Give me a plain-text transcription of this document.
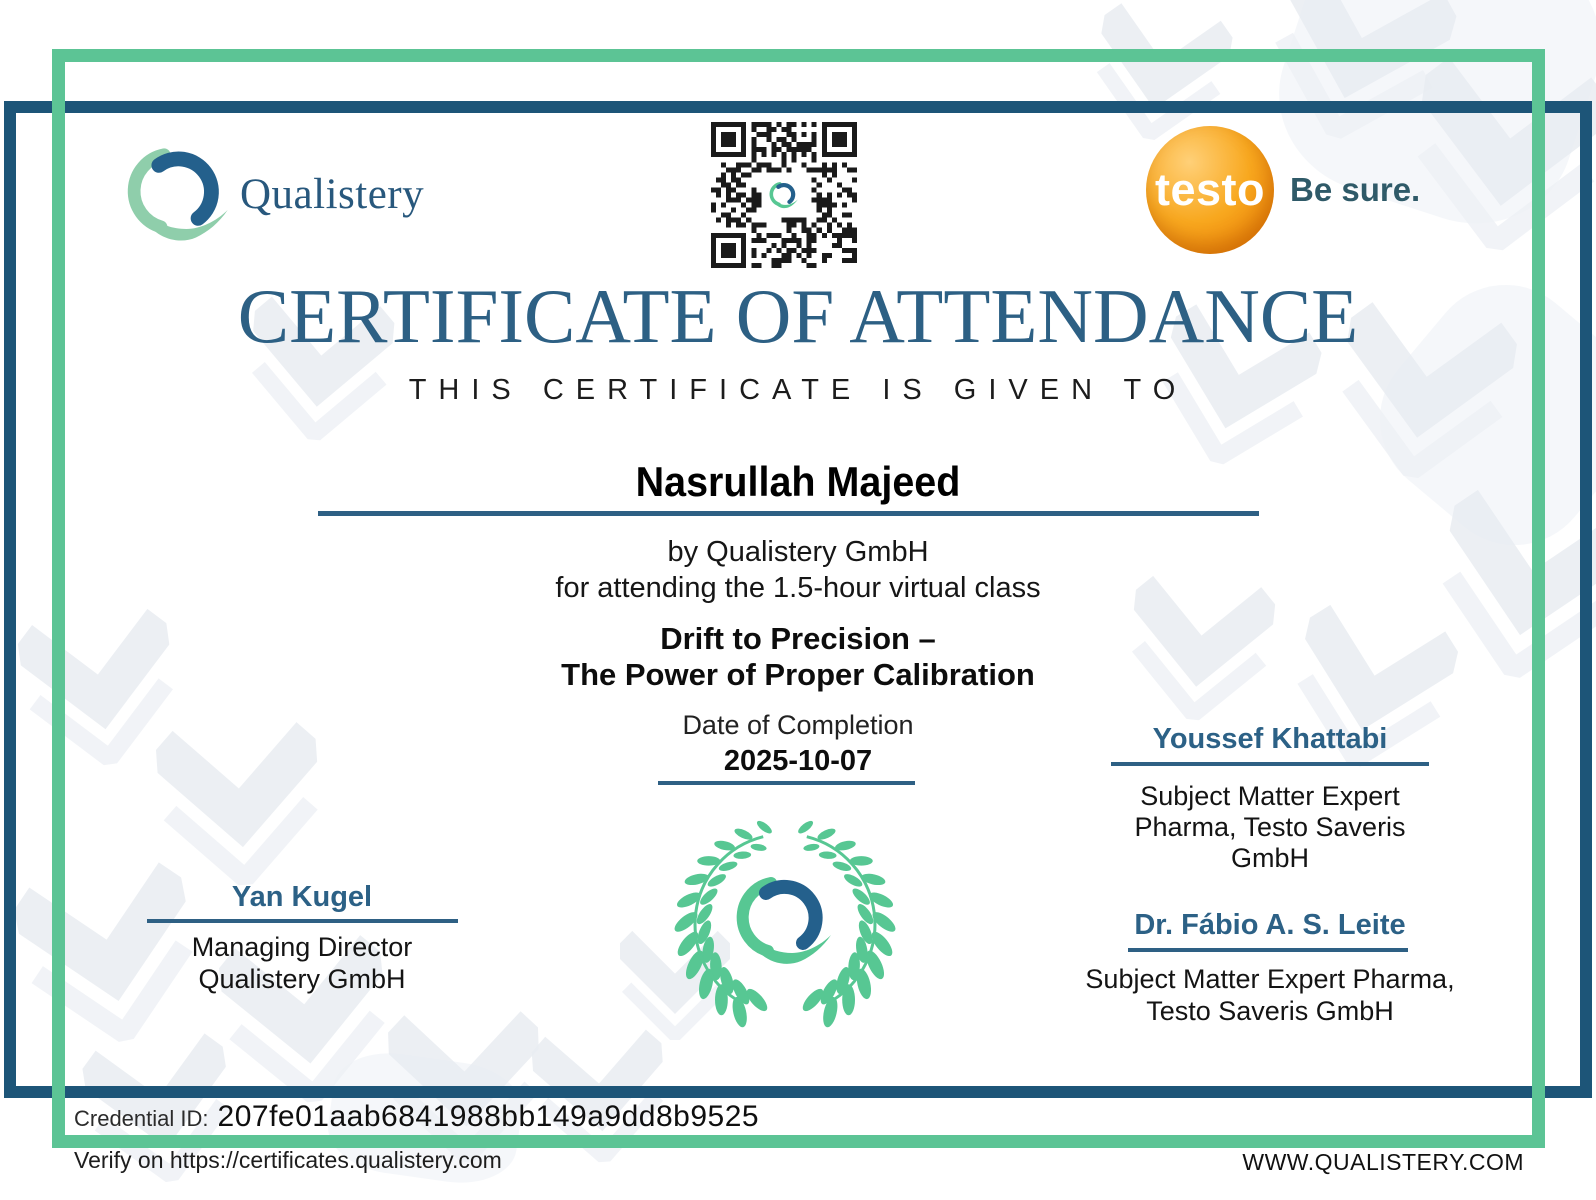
Qualistery	testo Be sure.
CERTIFICATE OF ATTENDANCE
THIS CERTIFICATE IS GIVEN TO
Nasrullah Majeed
by Qualistery GmbH
for attending the 1.5-hour virtual class
Drift to Precision –
The Power of Proper Calibration
Date of Completion
2025-10-07
Yan Kugel
Managing Director
Qualistery GmbH
Youssef Khattabi
Subject Matter Expert
Pharma, Testo Saveris
GmbH
Dr. Fábio A. S. Leite
Subject Matter Expert Pharma,
Testo Saveris GmbH
Credential ID: 207fe01aab6841988bb149a9dd8b9525
Verify on https://certificates.qualistery.com	WWW.QUALISTERY.COM
